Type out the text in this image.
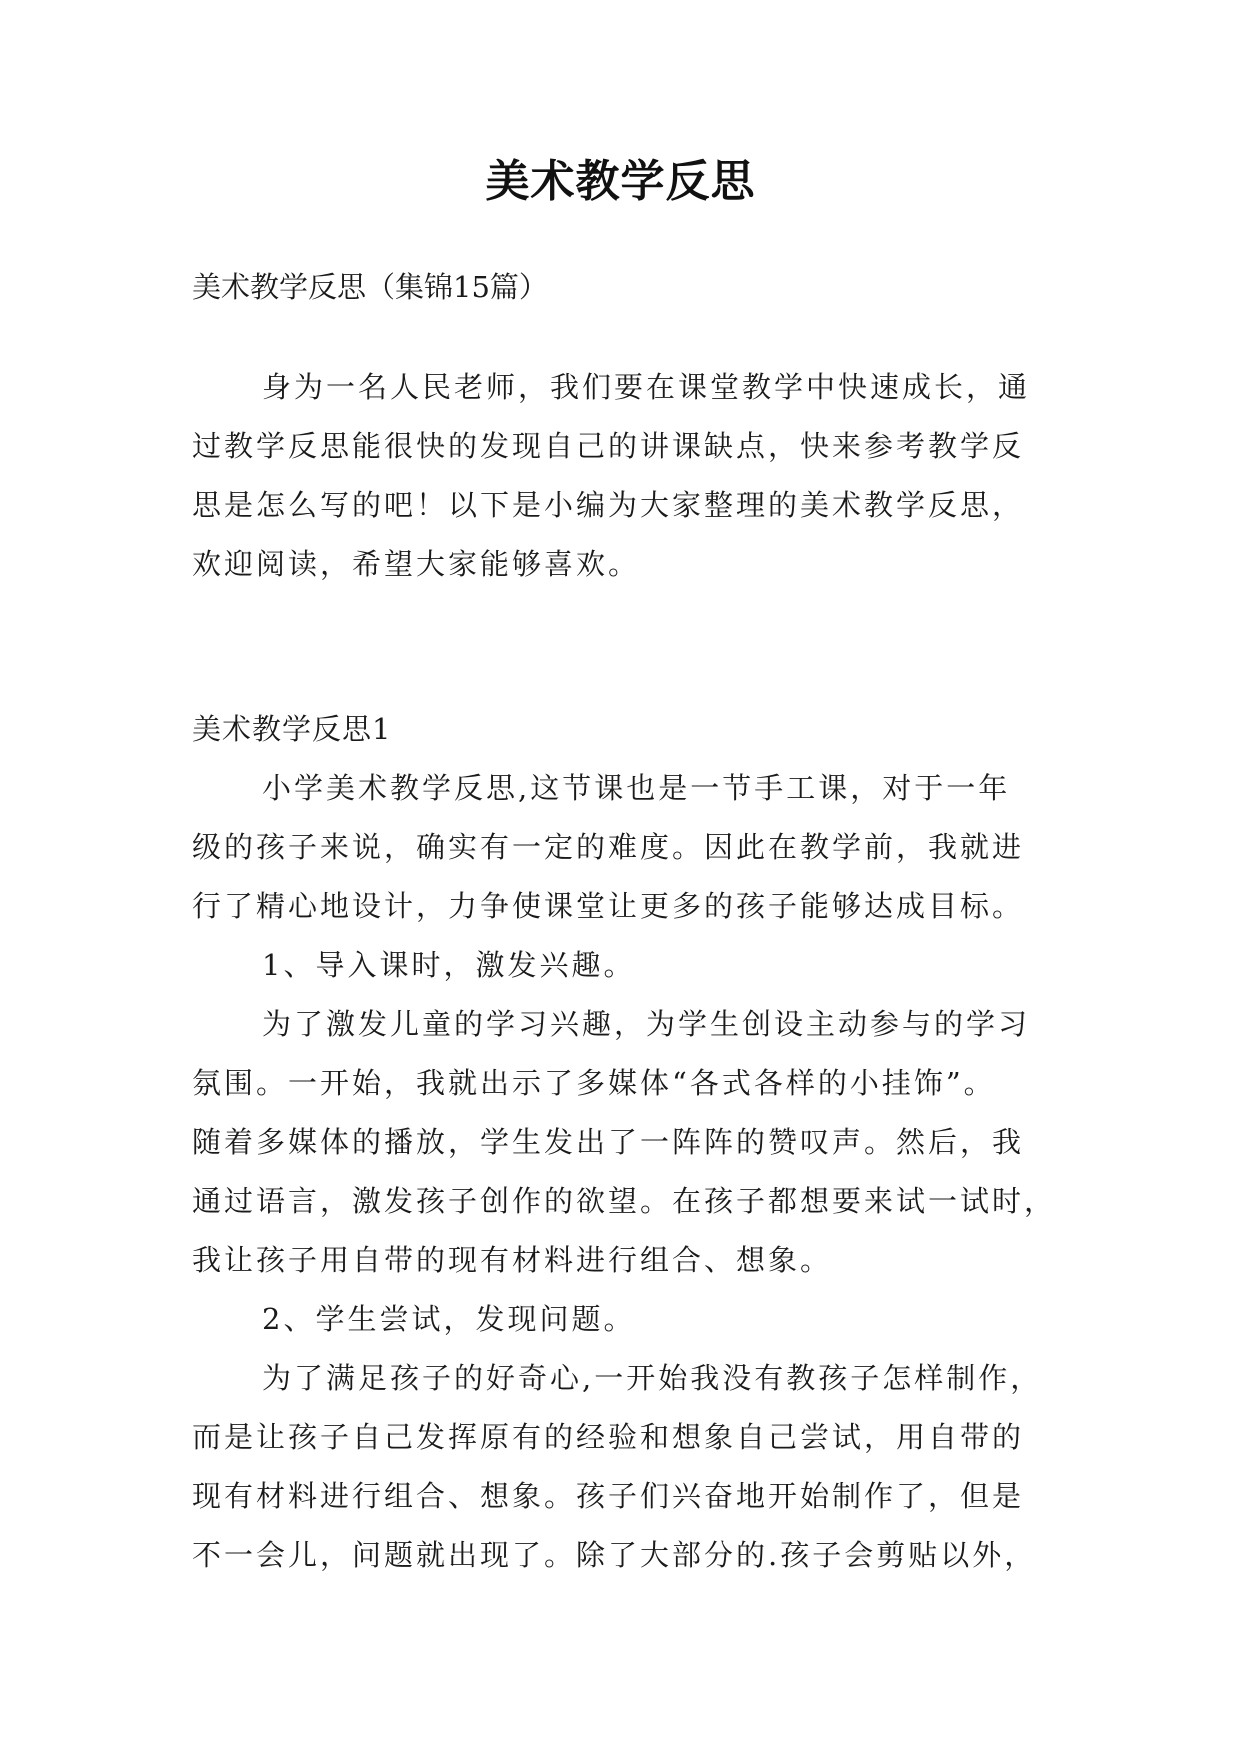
美术教学反思
美术教学反思（集锦15篇）
身为一名人民老师，我们要在课堂教学中快速成长，通
过教学反思能很快的发现自己的讲课缺点，快来参考教学反
思是怎么写的吧！以下是小编为大家整理的美术教学反思，
欢迎阅读，希望大家能够喜欢。
美术教学反思1
小学美术教学反思,这节课也是一节手工课，对于一年
级的孩子来说，确实有一定的难度。因此在教学前，我就进
行了精心地设计，力争使课堂让更多的孩子能够达成目标。
1、导入课时，激发兴趣。
为了激发儿童的学习兴趣，为学生创设主动参与的学习
氛围。一开始，我就出示了多媒体“各式各样的小挂饰”。
随着多媒体的播放，学生发出了一阵阵的赞叹声。然后，我
通过语言，激发孩子创作的欲望。在孩子都想要来试一试时，
我让孩子用自带的现有材料进行组合、想象。
2、学生尝试，发现问题。
为了满足孩子的好奇心,一开始我没有教孩子怎样制作，
而是让孩子自己发挥原有的经验和想象自己尝试，用自带的
现有材料进行组合、想象。孩子们兴奋地开始制作了，但是
不一会儿，问题就出现了。除了大部分的.孩子会剪贴以外，
